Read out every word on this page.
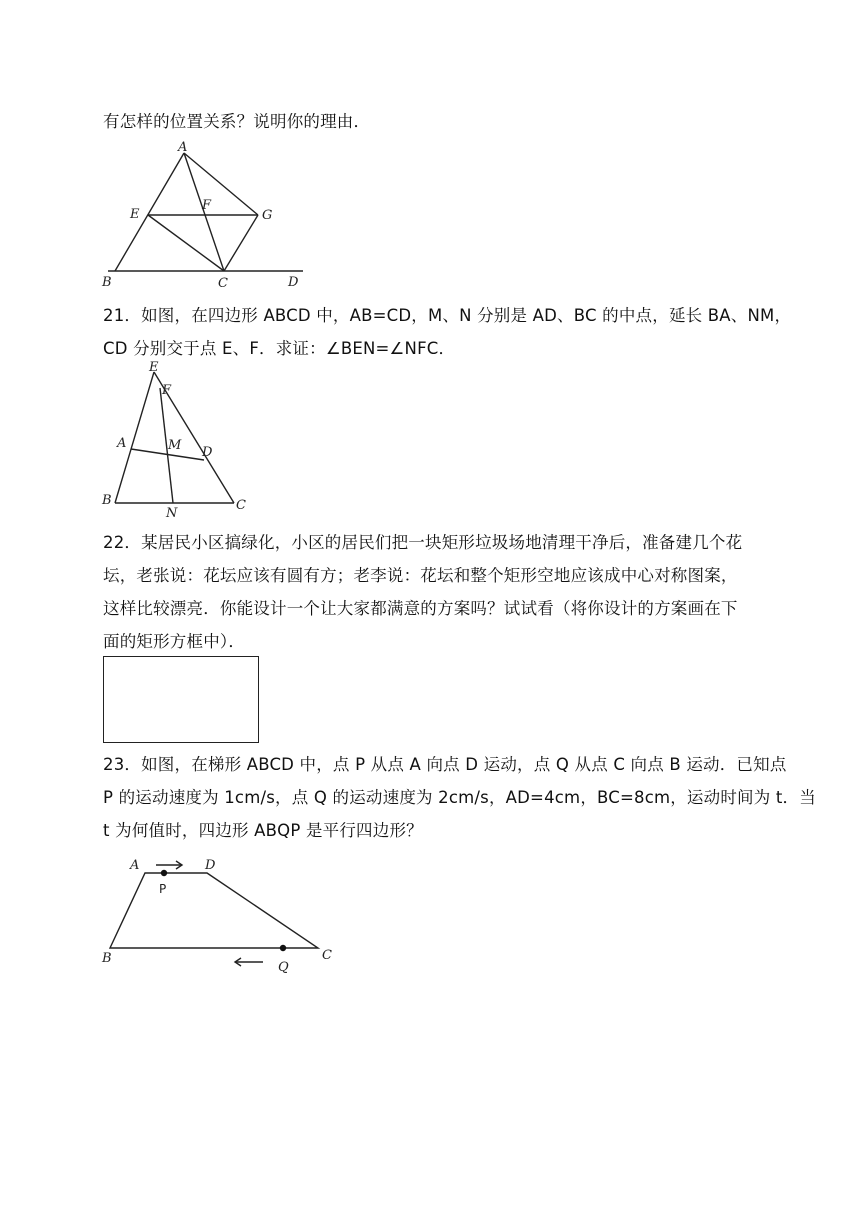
有怎样的位置关系？说明你的理由．
A
E
F
G
B	C	D
21．如图，在四边形 ABCD 中，AB=CD，M、N 分别是 AD、BC 的中点，延长 BA、NM，
CD 分别交于点 E、F．求证：∠BEN=∠NFC．
E
F
A	M D
B
N
C
22．某居民小区搞绿化，小区的居民们把一块矩形垃圾场地清理干净后，准备建几个花
坛，老张说：花坛应该有圆有方；老李说：花坛和整个矩形空地应该成中心对称图案，
这样比较漂亮．你能设计一个让大家都满意的方案吗？试试看（将你设计的方案画在下
面的矩形方框中）．
23．如图，在梯形 ABCD 中，点 P 从点 A 向点 D 运动，点 Q 从点 C 向点 B 运动．已知点
P 的运动速度为 1cm/s，点 Q 的运动速度为 2cm/s，AD=4cm，BC=8cm，运动时间为 t．当
t 为何值时，四边形 ABQP 是平行四边形？
A	D
P
B
Q
C
